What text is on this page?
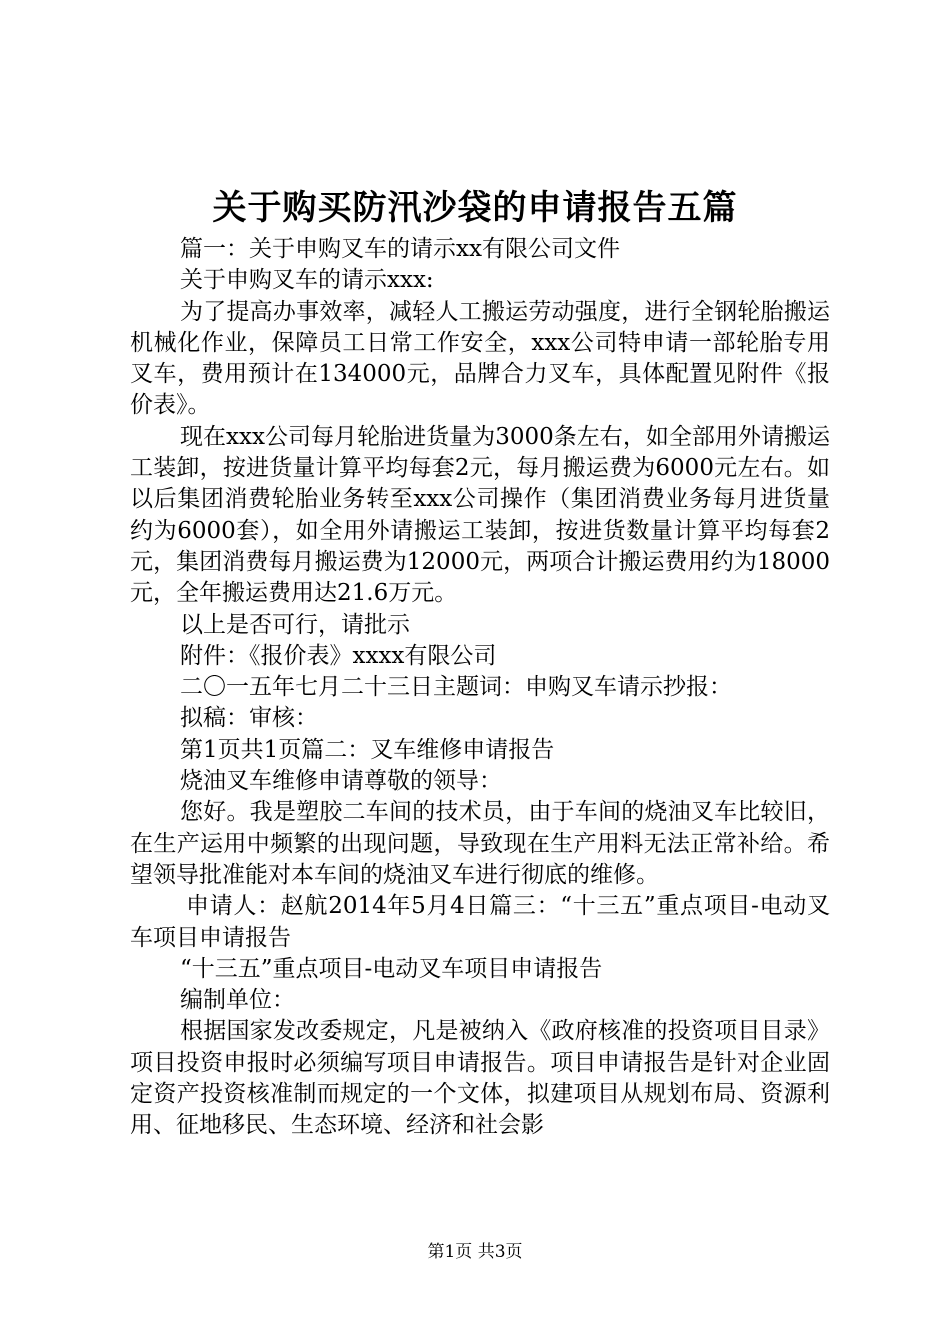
关于购买防汛沙袋的申请报告五篇

篇一：关于申购叉车的请示xx有限公司文件

关于申购叉车的请示xxx:

为了提高办事效率，减轻人工搬运劳动强度，进行全钢轮胎搬运机械化作业，保障员工日常工作安全，xxx公司特申请一部轮胎专用叉车，费用预计在134000元，品牌合力叉车，具体配置见附件《报价表》。

现在xxx公司每月轮胎进货量为3000条左右，如全部用外请搬运工装卸，按进货量计算平均每套2元，每月搬运费为6000元左右。如以后集团消费轮胎业务转至xxx公司操作（集团消费业务每月进货量约为6000套），如全用外请搬运工装卸，按进货数量计算平均每套2元，集团消费每月搬运费为12000元，两项合计搬运费用约为18000元，全年搬运费用达21.6万元。

以上是否可行，请批示

附件：《报价表》xxxx有限公司

二〇一五年七月二十三日主题词：申购叉车请示抄报：

拟稿：审核：

第1页共1页篇二：叉车维修申请报告

烧油叉车维修申请尊敬的领导：

您好。我是塑胶二车间的技术员，由于车间的烧油叉车比较旧，在生产运用中频繁的出现问题，导致现在生产用料无法正常补给。希望领导批准能对本车间的烧油叉车进行彻底的维修。

申请人：赵航2014年5月4日篇三：“十三五”重点项目-电动叉车项目申请报告

“十三五”重点项目-电动叉车项目申请报告

编制单位：

根据国家发改委规定，凡是被纳入《政府核准的投资项目目录》项目投资申报时必须编写项目申请报告。项目申请报告是针对企业固定资产投资核准制而规定的一个文体，拟建项目从规划布局、资源利用、征地移民、生态环境、经济和社会影

第1页 共3页
